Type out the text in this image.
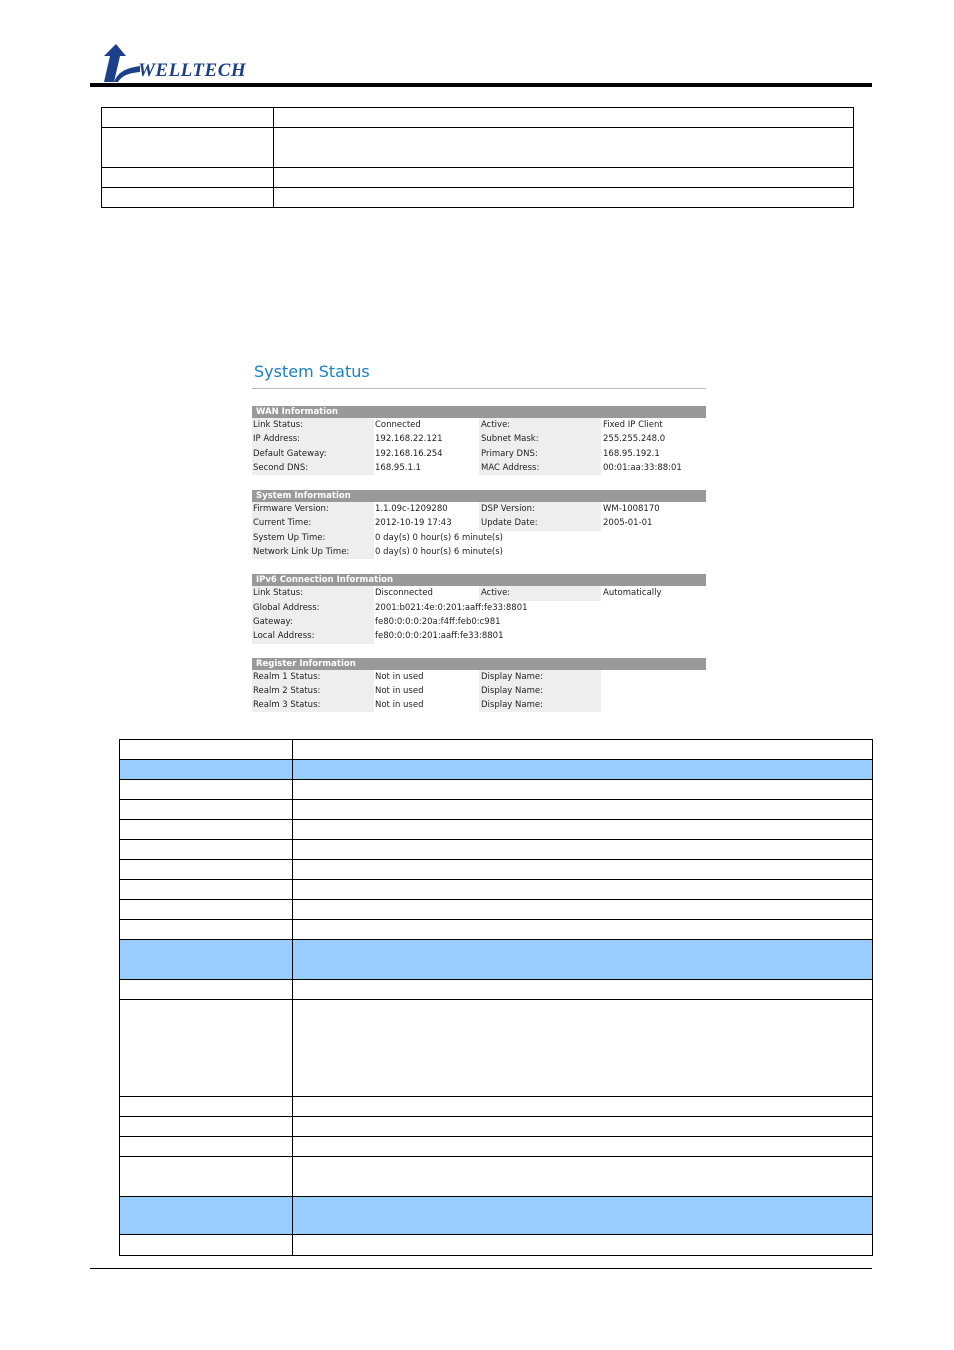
WELLTECH

System Status
WAN Information
Link Status:	Connected	Active:	Fixed IP Client
IP Address:	192.168.22.121	Subnet Mask:	255.255.248.0
Default Gateway:	192.168.16.254	Primary DNS:	168.95.192.1
Second DNS:	168.95.1.1	MAC Address:	00:01:aa:33:88:01
System Information
Firmware Version:	1.1.09c-1209280	DSP Version:	WM-1008170
Current Time:	2012-10-19 17:43	Update Date:	2005-01-01
System Up Time:	0 day(s) 0 hour(s) 6 minute(s)
Network Link Up Time:	0 day(s) 0 hour(s) 6 minute(s)
IPv6 Connection Information
Link Status:	Disconnected	Active:	Automatically
Global Address:	2001:b021:4e:0:201:aaff:fe33:8801
Gateway:	fe80:0:0:0:20a:f4ff:feb0:c981
Local Address:	fe80:0:0:0:201:aaff:fe33:8801
Register Information
Realm 1 Status:	Not in used	Display Name:
Realm 2 Status:	Not in used	Display Name:
Realm 3 Status:	Not in used	Display Name:
